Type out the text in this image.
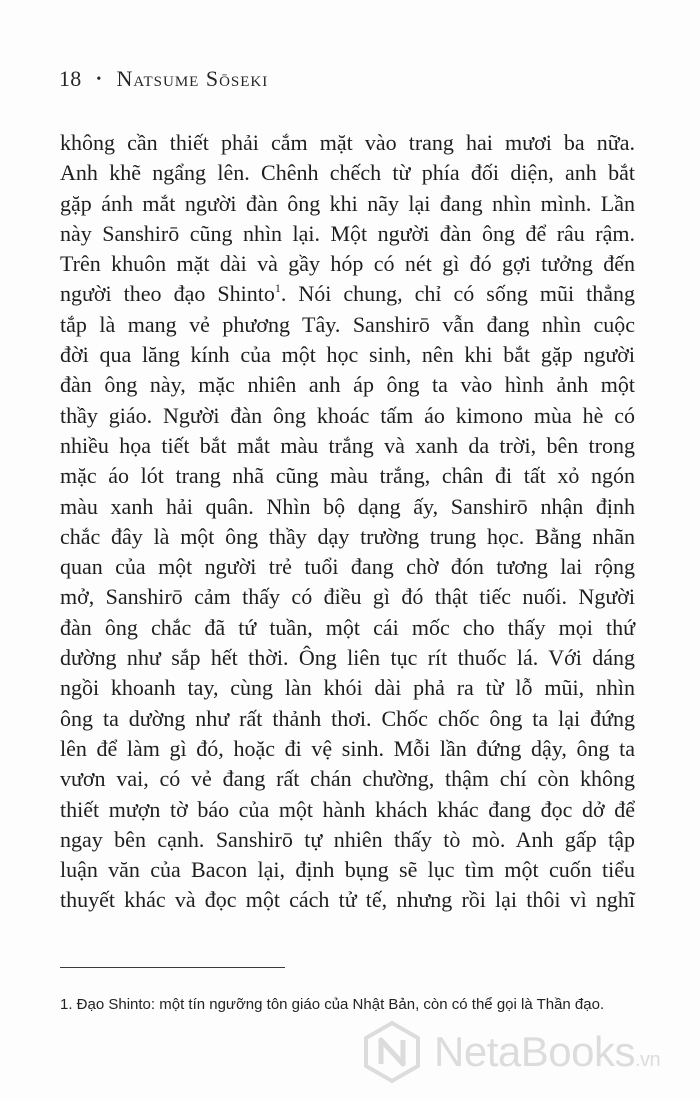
18 • Natsume Sōseki
không cần thiết phải cắm mặt vào trang hai mươi ba nữa.
Anh khẽ ngẩng lên. Chênh chếch từ phía đối diện, anh bắt
gặp ánh mắt người đàn ông khi nãy lại đang nhìn mình. Lần
này Sanshirō cũng nhìn lại. Một người đàn ông để râu rậm.
Trên khuôn mặt dài và gầy hóp có nét gì đó gợi tưởng đến
người theo đạo Shinto$^1$. Nói chung, chỉ có sống mũi thẳng
tắp là mang vẻ phương Tây. Sanshirō vẫn đang nhìn cuộc
đời qua lăng kính của một học sinh, nên khi bắt gặp người
đàn ông này, mặc nhiên anh áp ông ta vào hình ảnh một
thầy giáo. Người đàn ông khoác tấm áo kimono mùa hè có
nhiều họa tiết bắt mắt màu trắng và xanh da trời, bên trong
mặc áo lót trang nhã cũng màu trắng, chân đi tất xỏ ngón
màu xanh hải quân. Nhìn bộ dạng ấy, Sanshirō nhận định
chắc đây là một ông thầy dạy trường trung học. Bằng nhãn
quan của một người trẻ tuổi đang chờ đón tương lai rộng
mở, Sanshirō cảm thấy có điều gì đó thật tiếc nuối. Người
đàn ông chắc đã tứ tuần, một cái mốc cho thấy mọi thứ
dường như sắp hết thời. Ông liên tục rít thuốc lá. Với dáng
ngồi khoanh tay, cùng làn khói dài phả ra từ lỗ mũi, nhìn
ông ta dường như rất thảnh thơi. Chốc chốc ông ta lại đứng
lên để làm gì đó, hoặc đi vệ sinh. Mỗi lần đứng dậy, ông ta
vươn vai, có vẻ đang rất chán chường, thậm chí còn không
thiết mượn tờ báo của một hành khách khác đang đọc dở để
ngay bên cạnh. Sanshirō tự nhiên thấy tò mò. Anh gấp tập
luận văn của Bacon lại, định bụng sẽ lục tìm một cuốn tiểu
thuyết khác và đọc một cách tử tế, nhưng rồi lại thôi vì nghĩ
1. Đạo Shinto: một tín ngưỡng tôn giáo của Nhật Bản, còn có thể gọi là Thần đạo.
NetaBooks.vn
